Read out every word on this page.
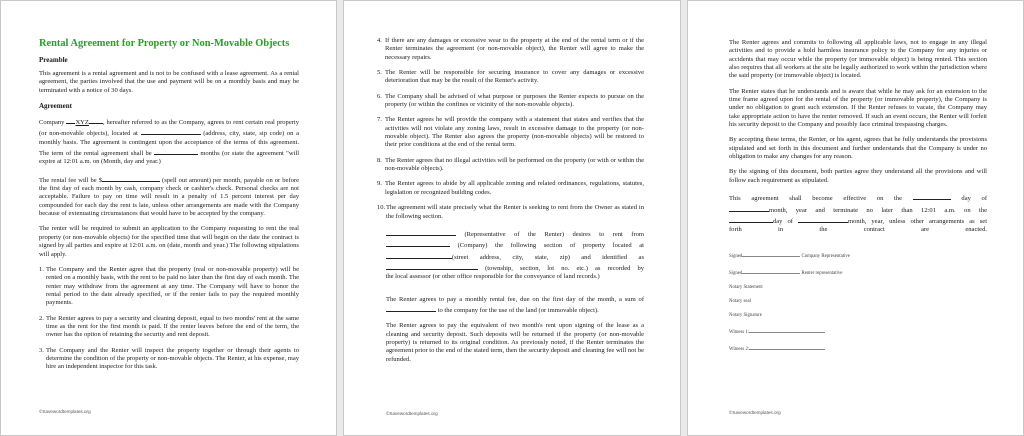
Rental Agreement for Property or Non-Movable Objects
Preamble

This agreement is a rental agreement and is not to be confused with a lease agreement. As a rental agreement, the parties involved that the use and payment will be on a monthly basis and may be terminated with a notice of 30 days.

Agreement

Company XYZ , hereafter referred to as the Company, agrees to rent certain real property (or non-movable objects), located at	(address, city, state, sip code) on a monthly basis. The agreement is contingent upon the acceptance of the terms of this agreement. The term of the rental agreement shall be	months (or state the agreement "will expire at 12:01 a.m. on (Month, day and year.)

The rental fee will be $	(spell out amount) per month, payable on or before the first day of each month by cash, company check or cashier's check. Personal checks are not acceptable. Failure to pay on time will result in a penalty of 1.5 percent interest per day compounded for each day the rent is late, unless other arrangements are made with the Company because of extenuating circumstances that would have to be accepted by the company.

The renter will be required to submit an application to the Company requesting to rent the real property (or non-movable objects) for the specified time that will begin on the date the contract is signed by all parties and expire at 12:01 a.m. on (date, month and year.) The following stipulations will apply.

1. The Company and the Renter agree that the property (real or non-movable property) will be rented on a monthly basis, with the rent to be paid no later than the first day of each month. The renter may withdraw from the agreement at any time. The Company will have to honor the rental period to the date already specified, or if the renter fails to pay the required monthly payments.
2. The Renter agrees to pay a security and cleaning deposit, equal to two months' rent at the same time as the rent for the first month is paid. If the renter leaves before the end of the term, the owner has the option of retaining the security and rent deposit.
3. The Company and the Renter will inspect the property together or through their agents to determine the condition of the property or non-movable objects. The Renter, at his expense, may hire an independent inspector for this task.
©Savewordtemplates.org
4. If there are any damages or excessive wear to the property at the end of the rental term or if the Renter terminates the agreement (or non-movable object), the Renter will agree to make the necessary repairs.
5. The Renter will be responsible for securing insurance to cover any damages or excessive deterioration that may be the result of the Renter's activity.
6. The Company shall be advised of what purpose or purposes the Renter expects to pursue on the property (or within the confines or vicinity of the non-movable objects).
7. The Renter agrees he will provide the company with a statement that states and verifies that the activities will not violate any zoning laws, result in excessive damage to the property (or non-movable object). The Renter also agrees the property (non-movable objects) will be restored to their prior conditions at the end of the rental term.
8. The Renter agrees that no illegal activities will be performed on the property (or with or within the non-movable objects).
9. The Renter agrees to abide by all applicable zoning and related ordinances, regulations, statutes, legislation or recognized building codes.
10. The agreement will state precisely what the Renter is seeking to rent from the Owner as stated in the following section.
(Representative of the Renter) desires to rent from
(Company) the following section of property located at
(street address, city, state, zip) and identified as
(township, section, lot no. etc.) as recorded by
the local assessor (or other office responsible for the conveyance of land records.)

The Renter agrees to pay a monthly rental fee, due on the first day of the month, a sum of  to the company for the use of the land (or immovable object).

The Renter agrees to pay the equivalent of two month's rent upon signing of the lease as a cleaning and security deposit. Such deposits will be returned if the property (or non-movable property) is returned to its original condition. As previously noted, if the Renter terminates the agreement prior to the end of the stated term, then the security deposit and cleaning fee will not be refunded.

©Savewordtemplates.org

The Renter agrees and commits to following all applicable laws, not to engage in any illegal activities and to provide a hold harmless insurance policy to the Company for any injuries or accidents that may occur while the property (or immovable object) is being rented. This section also requires that all workers at the site be legally authorized to work within the jurisdiction where the said property (or immovable object) is located.

The Renter states that he understands and is aware that while he may ask for an extension to the time frame agreed upon for the rental of the property (or immovable property), the Company is under no obligation to grant such extension. If the Renter refuses to vacate, the Company may take appropriate action to have the renter removed. If such an event occurs, the Renter will forfeit his security deposit to the Company and possibly face criminal trespassing charges.

By accepting these terms, the Renter, or his agent, agrees that he fully understands the provisions stipulated and set forth in this document and further understands that the Company is under no obligation to make any changes for any reason.

By the signing of this document, both parties agree they understand all the provisions and will follow each requirement as stipulated.

This agreement shall become effective on the	day of
month, year and terminate no later than 12:01 a.m. on the
day of	month, year, unless other arrangements as set
forth in the contract are enacted.
Signed	Company Representative
Signed	Renter representative
Notary Statement
Notary seal
Notary Signature
Witness 1:
Witness 2:
©Savewordtemplates.org
